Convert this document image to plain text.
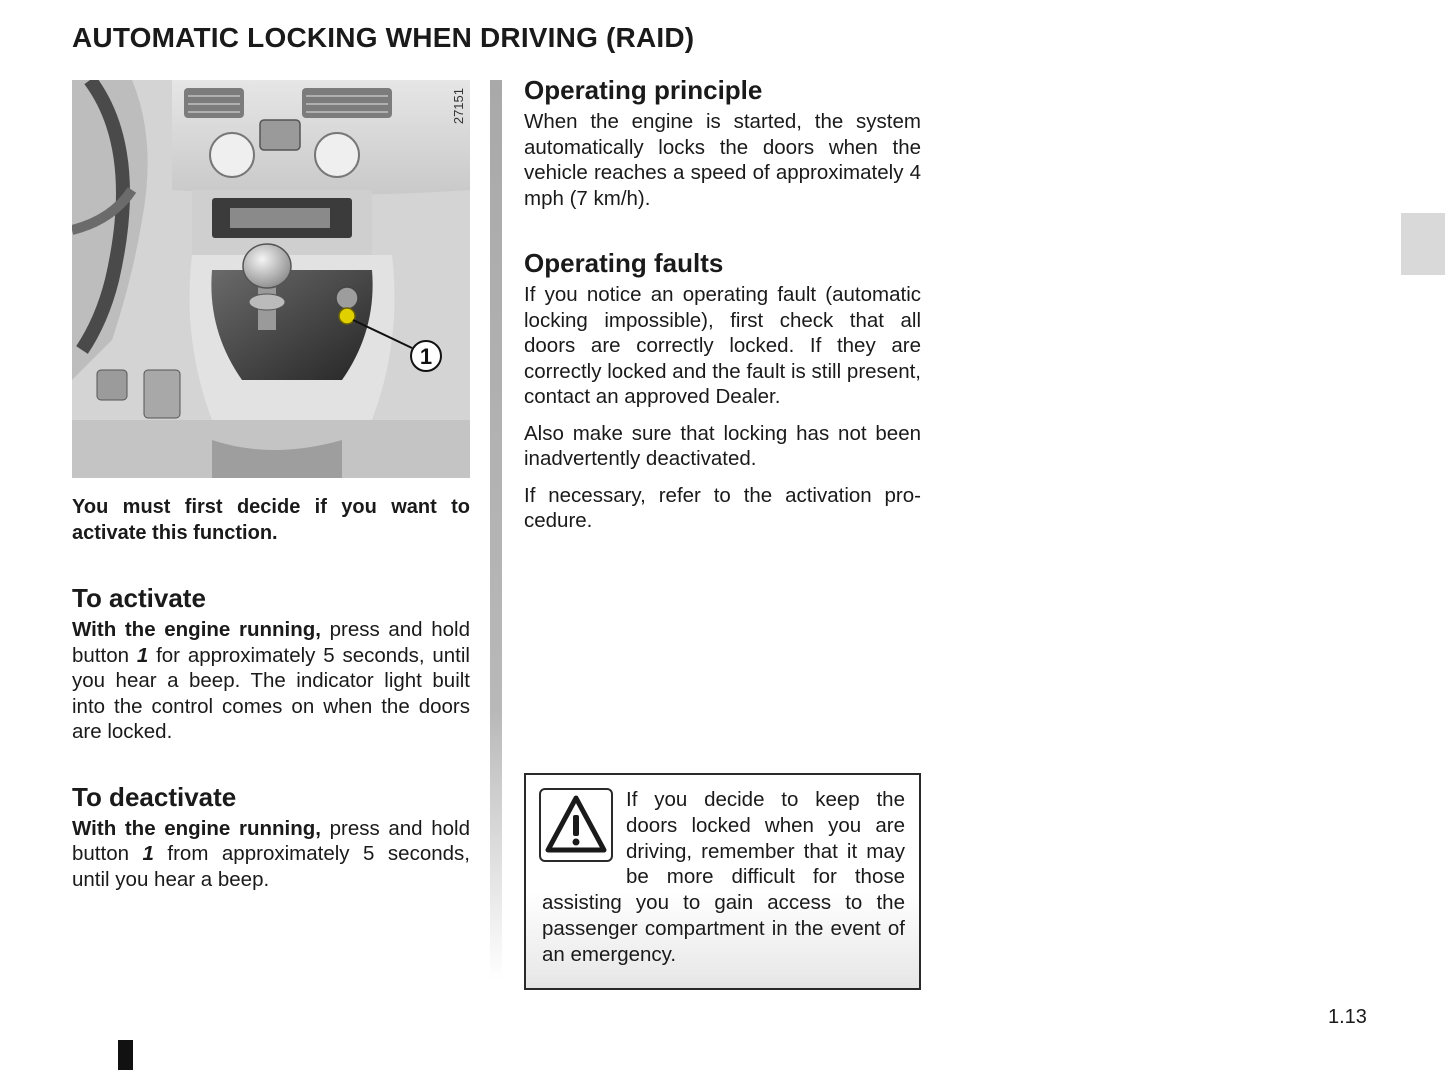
AUTOMATIC LOCKING WHEN DRIVING (RAID)
1
27151

You must first decide if you want to activate this function.

To activate

With the engine running, press and hold button 1 for approximately 5 seconds, until you hear a beep. The indicator light built into the control comes on when the doors are locked.

To deactivate

With the engine running, press and hold button 1 from approximately 5 seconds, until you hear a beep.

Operating principle

When the engine is started, the system automatically locks the doors when the vehicle reaches a speed of approximately 4 mph (7 km/h).

Operating faults

If you notice an operating fault (automatic locking impossible), first check that all doors are correctly locked. If they are correctly locked and the fault is still present, contact an approved Dealer.

Also make sure that locking has not been inadvertently deactivated.

If necessary, refer to the activation procedure.

If you decide to keep the doors locked when you are driving, remember that it may be more difficult for those assisting you to gain access to the passenger compartment in the event of an emergency.
1.13
